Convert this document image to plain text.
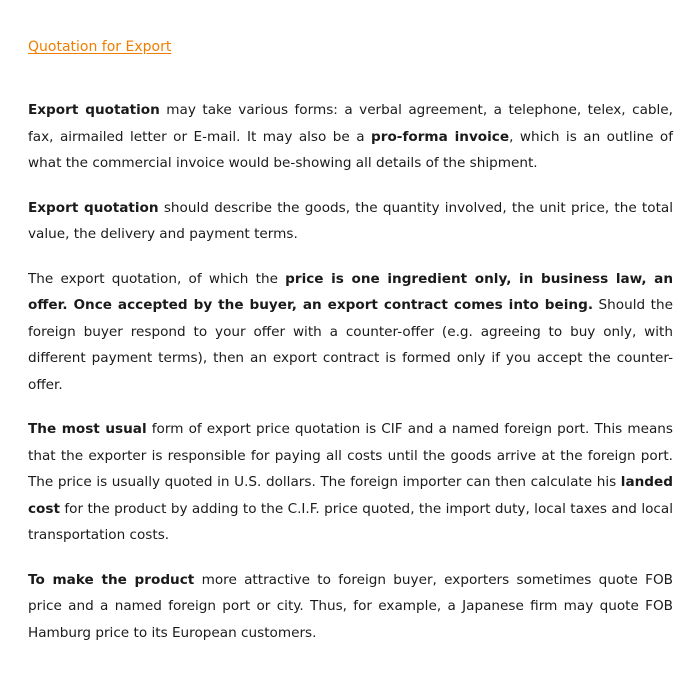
Quotation for Export

Export quotation may take various forms: a verbal agreement, a telephone, telex, cable, fax, airmailed letter or E-mail. It may also be a pro-forma invoice, which is an outline of what the commercial invoice would be-showing all details of the shipment.

Export quotation should describe the goods, the quantity involved, the unit price, the total value, the delivery and payment terms.

The export quotation, of which the price is one ingredient only, in business law, an offer. Once accepted by the buyer, an export contract comes into being. Should the foreign buyer respond to your offer with a counter-offer (e.g. agreeing to buy only, with different payment terms), then an export contract is formed only if you accept the counter-offer.

The most usual form of export price quotation is CIF and a named foreign port. This means that the exporter is responsible for paying all costs until the goods arrive at the foreign port. The price is usually quoted in U.S. dollars. The foreign importer can then calculate his landed cost for the product by adding to the C.I.F. price quoted, the import duty, local taxes and local transportation costs.

To make the product more attractive to foreign buyer, exporters sometimes quote FOB price and a named foreign port or city. Thus, for example, a Japanese firm may quote FOB Hamburg price to its European customers.
